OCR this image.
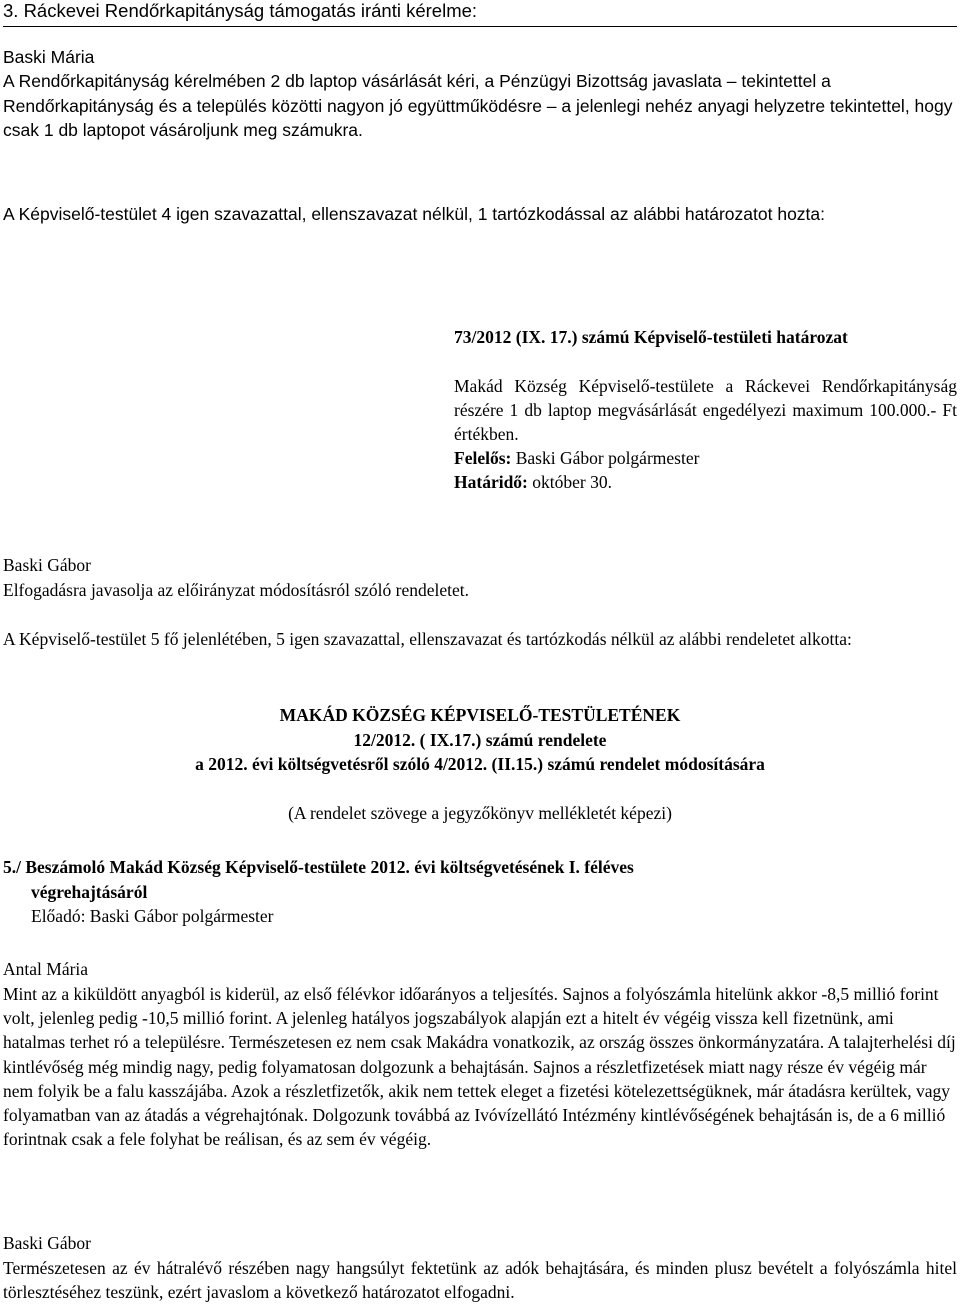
3. Ráckevei Rendőrkapitányság támogatás iránti kérelme:
Baski Mária
A Rendőrkapitányság kérelmében 2 db laptop vásárlását kéri, a Pénzügyi Bizottság javaslata – tekintettel a Rendőrkapitányság és a település közötti nagyon jó együttműködésre – a jelenlegi nehéz anyagi helyzetre tekintettel, hogy csak 1 db laptopot vásároljunk meg számukra.
A Képviselő-testület 4 igen szavazattal, ellenszavazat nélkül, 1 tartózkodással az alábbi határozatot hozta:
73/2012 (IX. 17.) számú Képviselő-testületi határozat
Makád Község Képviselő-testülete a Ráckevei Rendőrkapitányság részére 1 db laptop megvásárlását engedélyezi maximum 100.000.- Ft értékben.
Felelős: Baski Gábor polgármester
Határidő: október 30.
Baski Gábor
Elfogadásra javasolja az előirányzat módosításról szóló rendeletet.
A Képviselő-testület 5 fő jelenlétében, 5 igen szavazattal, ellenszavazat és tartózkodás nélkül az alábbi rendeletet alkotta:
MAKÁD KÖZSÉG KÉPVISELŐ-TESTÜLETÉNEK
12/2012. ( IX.17.) számú rendelete
a 2012. évi költségvetésről szóló 4/2012. (II.15.) számú rendelet módosítására
(A rendelet szövege a jegyzőkönyv mellékletét képezi)
5./ Beszámoló Makád Község Képviselő-testülete 2012. évi költségvetésének I. féléves
végrehajtásáról
Előadó: Baski Gábor polgármester
Antal Mária
Mint az a kiküldött anyagból is kiderül, az első félévkor időarányos a teljesítés. Sajnos a folyószámla hitelünk akkor -8,5 millió forint volt, jelenleg pedig -10,5 millió forint. A jelenleg hatályos jogszabályok alapján ezt a hitelt év végéig vissza kell fizetnünk, ami hatalmas terhet ró a településre. Természetesen ez nem csak Makádra vonatkozik, az ország összes önkormányzatára. A talajterhelési díj kintlévőség még mindig nagy, pedig folyamatosan dolgozunk a behajtásán. Sajnos a részletfizetések miatt nagy része év végéig már nem folyik be a falu kasszájába. Azok a részletfizetők, akik nem tettek eleget a fizetési kötelezettségüknek, már átadásra kerültek, vagy folyamatban van az átadás a végrehajtónak. Dolgozunk továbbá az Ivóvízellátó Intézmény kintlévőségének behajtásán is, de a 6 millió forintnak csak a fele folyhat be reálisan, és az sem év végéig.
Baski Gábor
Természetesen az év hátralévő részében nagy hangsúlyt fektetünk az adók behajtására, és minden plusz bevételt a folyószámla hitel törlesztéséhez teszünk, ezért javaslom a következő határozatot elfogadni.
